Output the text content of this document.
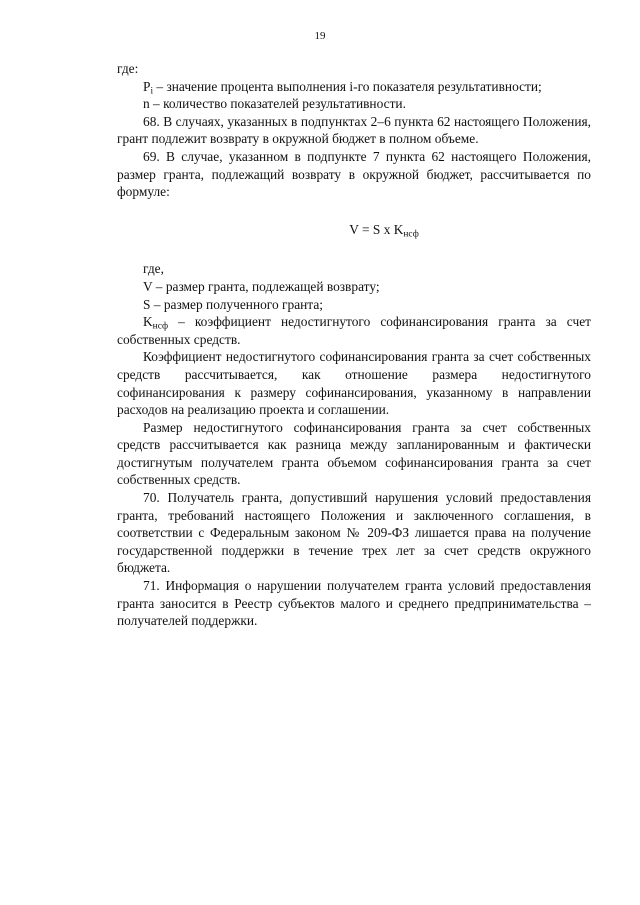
19

где:

$P_i$ – значение процента выполнения i-го показателя результативности;

n – количество показателей результативности.

68. В случаях, указанных в подпунктах 2–6 пункта 62 настоящего Положения, грант подлежит возврату в окружной бюджет в полном объеме.

69. В случае, указанном в подпункте 7 пункта 62 настоящего Положения, размер гранта, подлежащий возврату в окружной бюджет, рассчитывается по формуле:

V = S x $K_{нсф}$

где,

V – размер гранта, подлежащей возврату;

S – размер полученного гранта;

$K_{нсф}$ – коэффициент недостигнутого софинансирования гранта за счет собственных средств.

Коэффициент недостигнутого софинансирования гранта за счет собственных средств рассчитывается, как отношение размера недостигнутого софинансирования к размеру софинансирования, указанному в направлении расходов на реализацию проекта и соглашении.

Размер недостигнутого софинансирования гранта за счет собственных средств рассчитывается как разница между запланированным и фактически достигнутым получателем гранта объемом софинансирования гранта за счет собственных средств.

70. Получатель гранта, допустивший нарушения условий предоставления гранта, требований настоящего Положения и заключенного соглашения, в соответствии с Федеральным законом № 209-ФЗ лишается права на получение государственной поддержки в течение трех лет за счет средств окружного бюджета.

71. Информация о нарушении получателем гранта условий предоставления гранта заносится в Реестр субъектов малого и среднего предпринимательства – получателей поддержки.
